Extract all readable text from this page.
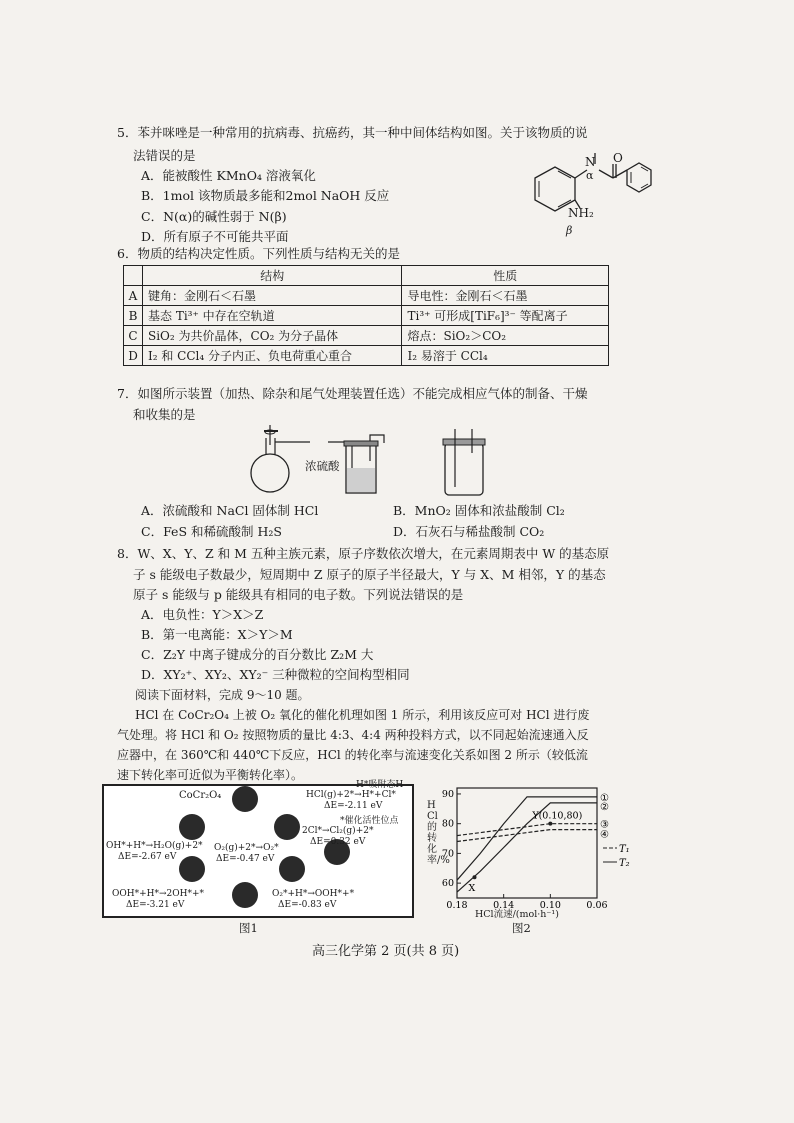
5．苯并咪唑是一种常用的抗病毒、抗癌药，其一种中间体结构如图。关于该物质的说
法错误的是
A．能被酸性 KMnO₄ 溶液氧化
B．1mol 该物质最多能和2mol NaOH 反应
C．N(α)的碱性弱于 N(β)
D．所有原子不可能共平面
N
α
O
NH₂
β
6．物质的结构决定性质。下列性质与结构无关的是
	结构	性质
A	键角：金刚石＜石墨	导电性：金刚石＜石墨
B	基态 Ti³⁺ 中存在空轨道	Ti³⁺ 可形成[TiF₆]³⁻ 等配离子
C	SiO₂ 为共价晶体，CO₂ 为分子晶体	熔点：SiO₂＞CO₂
D	I₂ 和 CCl₄ 分子内正、负电荷重心重合	I₂ 易溶于 CCl₄
7．如图所示装置（加热、除杂和尾气处理装置任选）不能完成相应气体的制备、干燥
和收集的是
浓硫酸
A．浓硫酸和 NaCl 固体制 HCl	B．MnO₂ 固体和浓盐酸制 Cl₂
C．FeS 和稀硫酸制 H₂S	D．石灰石与稀盐酸制 CO₂
8．W、X、Y、Z 和 M 五种主族元素，原子序数依次增大，在元素周期表中 W 的基态原
子 s 能级电子数最少，短周期中 Z 原子的原子半径最大，Y 与 X、M 相邻，Y 的基态
原子 s 能级与 p 能级具有相同的电子数。下列说法错误的是
A．电负性：Y＞X＞Z
B．第一电离能：X＞Y＞M
C．Z₂Y 中离子键成分的百分数比 Z₂M 大
D．XY₂⁺、XY₂、XY₂⁻ 三种微粒的空间构型相同
阅读下面材料，完成 9～10 题。
HCl 在 CoCr₂O₄ 上被 O₂ 氧化的催化机理如图 1 所示，利用该反应可对 HCl 进行废
气处理。将 HCl 和 O₂ 按照物质的量比 4:3、4:4 两种投料方式，以不同起始流速通入反
应器中，在 360℃和 440℃下反应，HCl 的转化率与流速变化关系如图 2 所示（较低流
速下转化率可近似为平衡转化率）。
CoCr₂O₄	HCl(g)+2*→H*+Cl*
ΔE=-2.11 eV
H*吸附态H
*催化活性位点
2Cl*→Cl₂(g)+2*
ΔE=0.32 eV
OH*+H*→H₂O(g)+2*
ΔE=-2.67 eV
O₂(g)+2*→O₂*
ΔE=-0.47 eV
OOH*+H*→2OH*+*
ΔE=-3.21 eV
O₂*+H*→OOH*+*
ΔE=-0.83 eV
图1
90
80
70
60
0.18	0.14	0.10	0.06
①
②
③
④
Y(0.10,80)
X
T₁
T₂
HCl的转化率/%
HCl流速/(mol·h⁻¹)
图2
高三化学第 2 页(共 8 页)
